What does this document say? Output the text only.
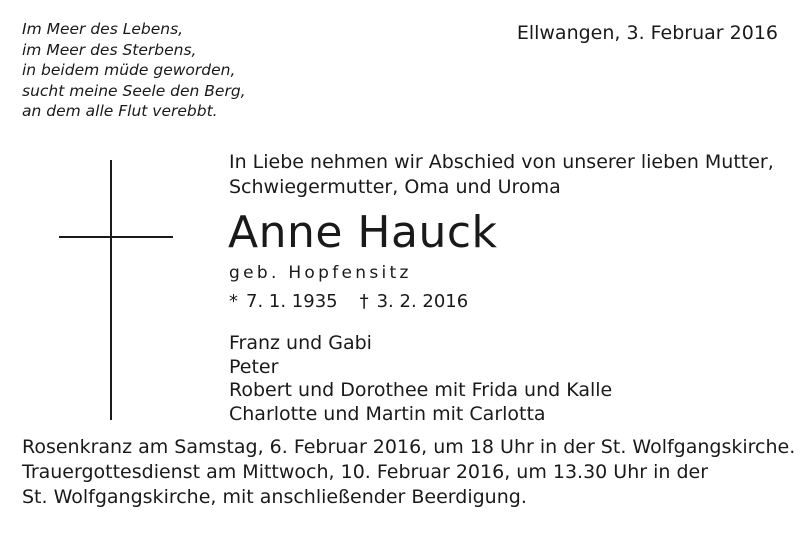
Im Meer des Lebens,
im Meer des Sterbens,
in beidem müde geworden,
sucht meine Seele den Berg,
an dem alle Flut verebbt.
Ellwangen, 3. Februar 2016
In Liebe nehmen wir Abschied von unserer lieben Mutter,
Schwiegermutter, Oma und Uroma
Anne Hauck
geb. Hopfensitz
* 7. 1. 1935 † 3. 2. 2016
Franz und Gabi
Peter
Robert und Dorothee mit Frida und Kalle
Charlotte und Martin mit Carlotta
Rosenkranz am Samstag, 6. Februar 2016, um 18 Uhr in der St. Wolfgangskirche.
Trauergottesdienst am Mittwoch, 10. Februar 2016, um 13.30 Uhr in der
St. Wolfgangskirche, mit anschließender Beerdigung.
